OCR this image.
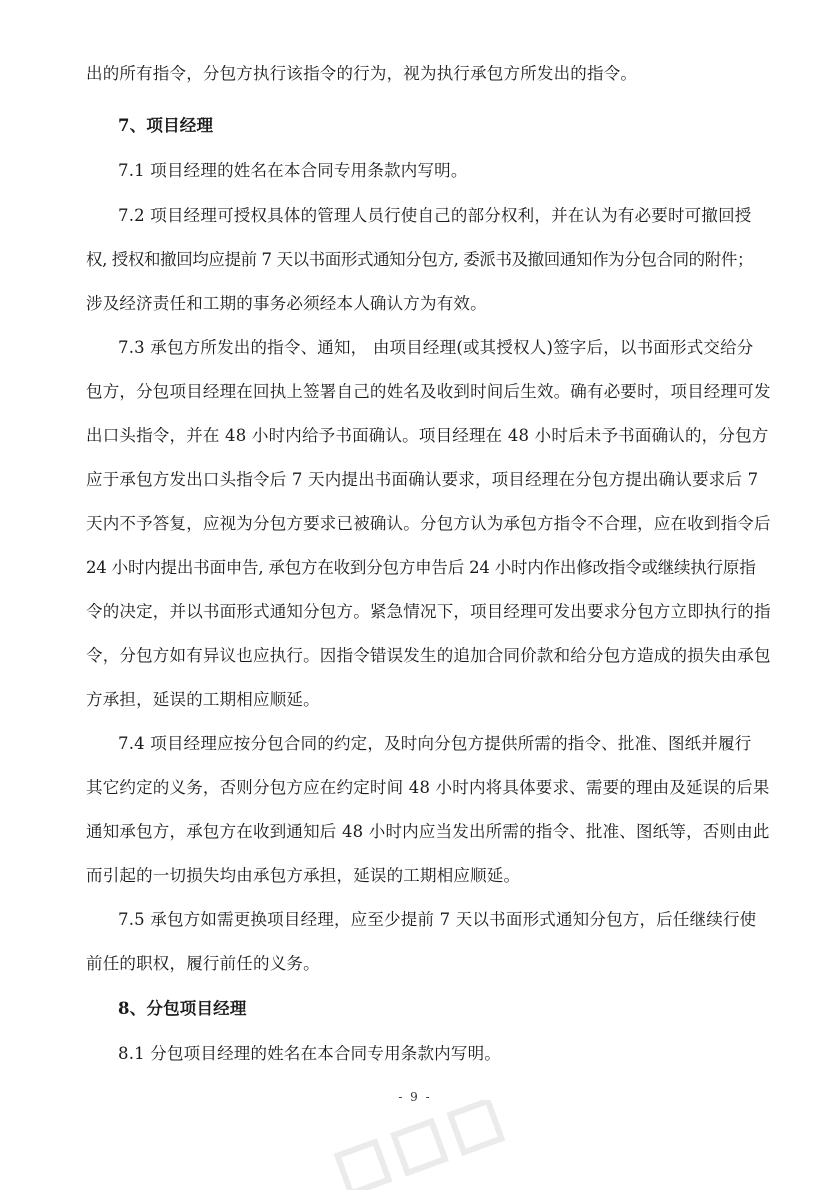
出的所有指令，分包方执行该指令的行为，视为执行承包方所发出的指令。
7、项目经理
7.1 项目经理的姓名在本合同专用条款内写明。
7.2 项目经理可授权具体的管理人员行使自己的部分权利，并在认为有必要时可撤回授
权, 授权和撤回均应提前 7 天以书面形式通知分包方, 委派书及撤回通知作为分包合同的附件；
涉及经济责任和工期的事务必须经本人确认方为有效。
7.3 承包方所发出的指令、通知， 由项目经理(或其授权人)签字后，以书面形式交给分
包方，分包项目经理在回执上签署自己的姓名及收到时间后生效。确有必要时，项目经理可发
出口头指令，并在 48 小时内给予书面确认。项目经理在 48 小时后未予书面确认的，分包方
应于承包方发出口头指令后 7 天内提出书面确认要求，项目经理在分包方提出确认要求后 7
天内不予答复，应视为分包方要求已被确认。分包方认为承包方指令不合理，应在收到指令后
24 小时内提出书面申告, 承包方在收到分包方申告后 24 小时内作出修改指令或继续执行原指
令的决定，并以书面形式通知分包方。紧急情况下，项目经理可发出要求分包方立即执行的指
令，分包方如有异议也应执行。因指令错误发生的追加合同价款和给分包方造成的损失由承包
方承担，延误的工期相应顺延。
7.4 项目经理应按分包合同的约定，及时向分包方提供所需的指令、批准、图纸并履行
其它约定的义务，否则分包方应在约定时间 48 小时内将具体要求、需要的理由及延误的后果
通知承包方，承包方在收到通知后 48 小时内应当发出所需的指令、批准、图纸等，否则由此
而引起的一切损失均由承包方承担，延误的工期相应顺延。
7.5 承包方如需更换项目经理，应至少提前 7 天以书面形式通知分包方，后任继续行使
前任的职权，履行前任的义务。
8、分包项目经理
8.1 分包项目经理的姓名在本合同专用条款内写明。
- 9 -
